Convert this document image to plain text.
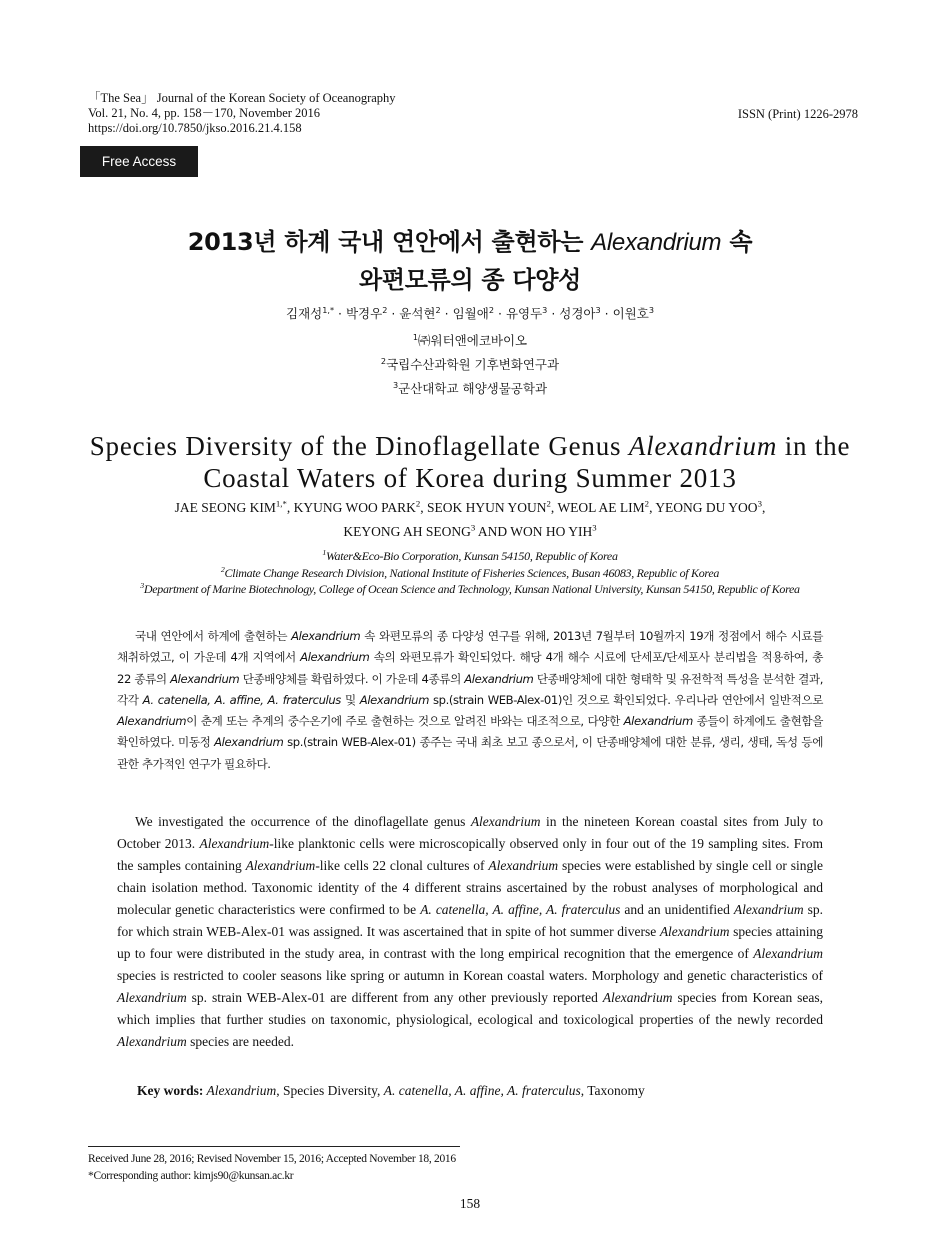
「The Sea」 Journal of the Korean Society of Oceanography
Vol. 21, No. 4, pp. 158－170, November 2016
https://doi.org/10.7850/jkso.2016.21.4.158
ISSN (Print) 1226-2978
Free Access
2013년 하계 국내 연안에서 출현하는 Alexandrium 속
와편모류의 종 다양성
김재성$^{1,*}$ · 박경우$^2$ · 윤석현$^2$ · 임월애$^2$ · 유영두$^3$ · 성경아$^3$ · 이원호$^3$
$^1$㈜워터앤에코바이오
$^2$국립수산과학원 기후변화연구과
$^3$군산대학교 해양생물공학과
Species Diversity of the Dinoflagellate Genus Alexandrium in the
Coastal Waters of Korea during Summer 2013
JAE SEONG $KIM^{1,*}$, KYUNG WOO PARK$^2$, SEOK HYUN YOUN$^2$, WEOL AE LIM$^2$, YEONG DU YOO$^3$,
KEYONG AH SEONG$^3$ AND WON HO YIH$^3$
$^1$Water&Eco-Bio Corporation, Kunsan 54150, Republic of Korea
$^2$Climate Change Research Division, National Institute of Fisheries Sciences, Busan 46083, Republic of Korea
$^3$Department of Marine Biotechnology, College of Ocean Science and Technology, Kunsan National University, Kunsan 54150, Republic of Korea
국내 연안에서 하계에 출현하는 Alexandrium 속 와편모류의 종 다양성 연구를 위해, 2013년 7월부터 10월까지 19개 정점에서 해수 시료를 채취하였고, 이 가운데 4개 지역에서 Alexandrium 속의 와편모류가 확인되었다. 해당 4개 해수 시료에 단세포/단세포사 분리법을 적용하여, 총 22 종류의 Alexandrium 단종배양체를 확립하였다. 이 가운데 4종류의 Alexandrium 단종배양체에 대한 형태학 및 유전학적 특성을 분석한 결과, 각각 A. catenella, A. affine, A. fraterculus 및 Alexandrium sp.(strain WEB-Alex-01)인 것으로 확인되었다. 우리나라 연안에서 일반적으로 Alexandrium이 춘계 또는 추계의 중수온기에 주로 출현하는 것으로 알려진 바와는 대조적으로, 다양한 Alexandrium 종들이 하계에도 출현함을 확인하였다. 미동정 Alexandrium sp.(strain WEB-Alex-01) 종주는 국내 최초 보고 종으로서, 이 단종배양체에 대한 분류, 생리, 생태, 독성 등에 관한 추가적인 연구가 필요하다.
We investigated the occurrence of the dinoflagellate genus Alexandrium in the nineteen Korean coastal sites from July to October 2013. Alexandrium-like planktonic cells were microscopically observed only in four out of the 19 sampling sites. From the samples containing Alexandrium-like cells 22 clonal cultures of Alexandrium species were established by single cell or single chain isolation method. Taxonomic identity of the 4 different strains ascertained by the robust analyses of morphological and molecular genetic characteristics were confirmed to be A. catenella, A. affine, A. fraterculus and an unidentified Alexandrium sp. for which strain WEB-Alex-01 was assigned. It was ascertained that in spite of hot summer diverse Alexandrium species attaining up to four were distributed in the study area, in contrast with the long empirical recognition that the emergence of Alexandrium species is restricted to cooler seasons like spring or autumn in Korean coastal waters. Morphology and genetic characteristics of Alexandrium sp. strain WEB-Alex-01 are different from any other previously reported Alexandrium species from Korean seas, which implies that further studies on taxonomic, physiological, ecological and toxicological properties of the newly recorded Alexandrium species are needed.
Key words: Alexandrium, Species Diversity, A. catenella, A. affine, A. fraterculus, Taxonomy
Received June 28, 2016; Revised November 15, 2016; Accepted November 18, 2016
*Corresponding author: kimjs90@kunsan.ac.kr
158
